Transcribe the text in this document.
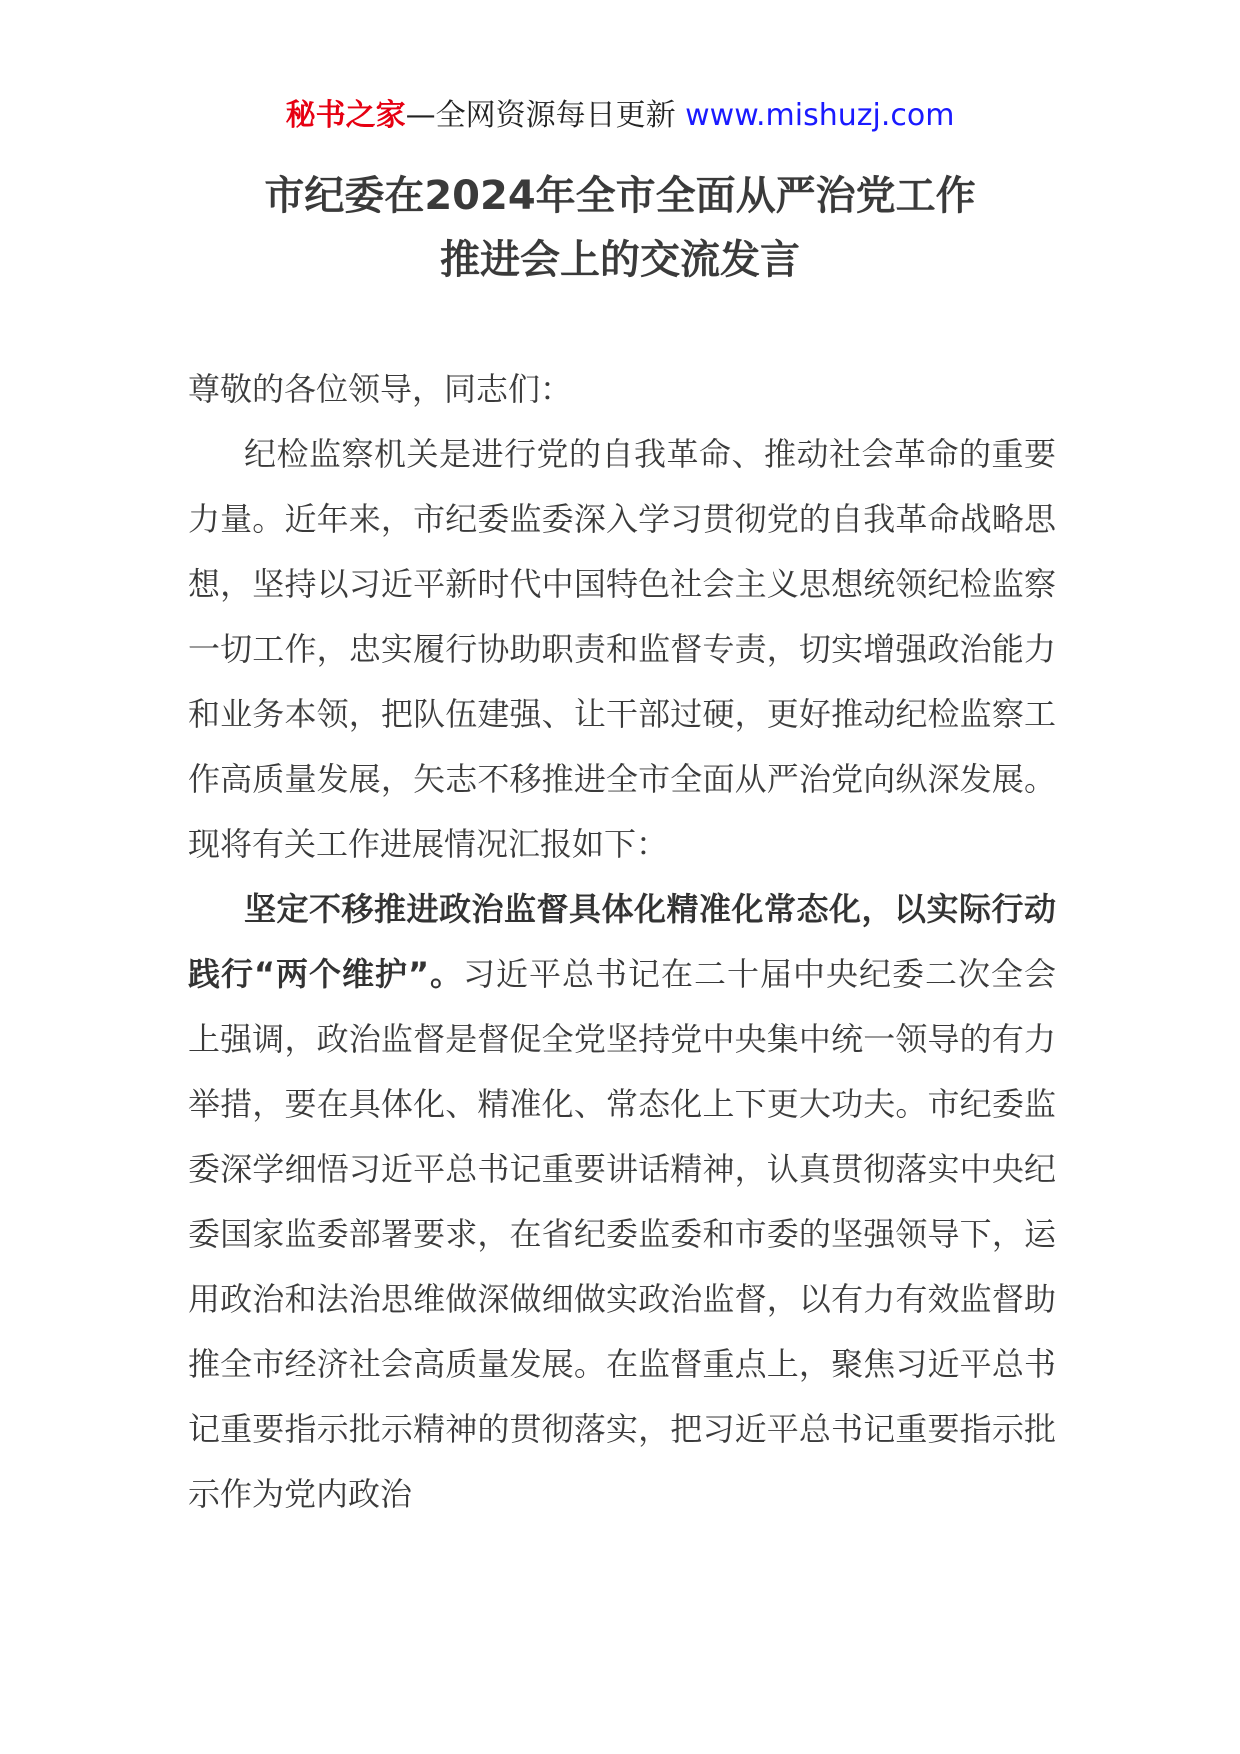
秘书之家—全网资源每日更新 www.mishuzj.com
市纪委在2024年全市全面从严治党工作
推进会上的交流发言

尊敬的各位领导，同志们：

纪检监察机关是进行党的自我革命、推动社会革命的重要力量。近年来，市纪委监委深入学习贯彻党的自我革命战略思想，坚持以习近平新时代中国特色社会主义思想统领纪检监察一切工作，忠实履行协助职责和监督专责，切实增强政治能力和业务本领，把队伍建强、让干部过硬，更好推动纪检监察工作高质量发展，矢志不移推进全市全面从严治党向纵深发展。现将有关工作进展情况汇报如下：

坚定不移推进政治监督具体化精准化常态化，以实际行动践行“两个维护”。习近平总书记在二十届中央纪委二次全会上强调，政治监督是督促全党坚持党中央集中统一领导的有力举措，要在具体化、精准化、常态化上下更大功夫。市纪委监委深学细悟习近平总书记重要讲话精神，认真贯彻落实中央纪委国家监委部署要求，在省纪委监委和市委的坚强领导下，运用政治和法治思维做深做细做实政治监督，以有力有效监督助推全市经济社会高质量发展。在监督重点上，聚焦习近平总书记重要指示批示精神的贯彻落实，把习近平总书记重要指示批示作为党内政治
